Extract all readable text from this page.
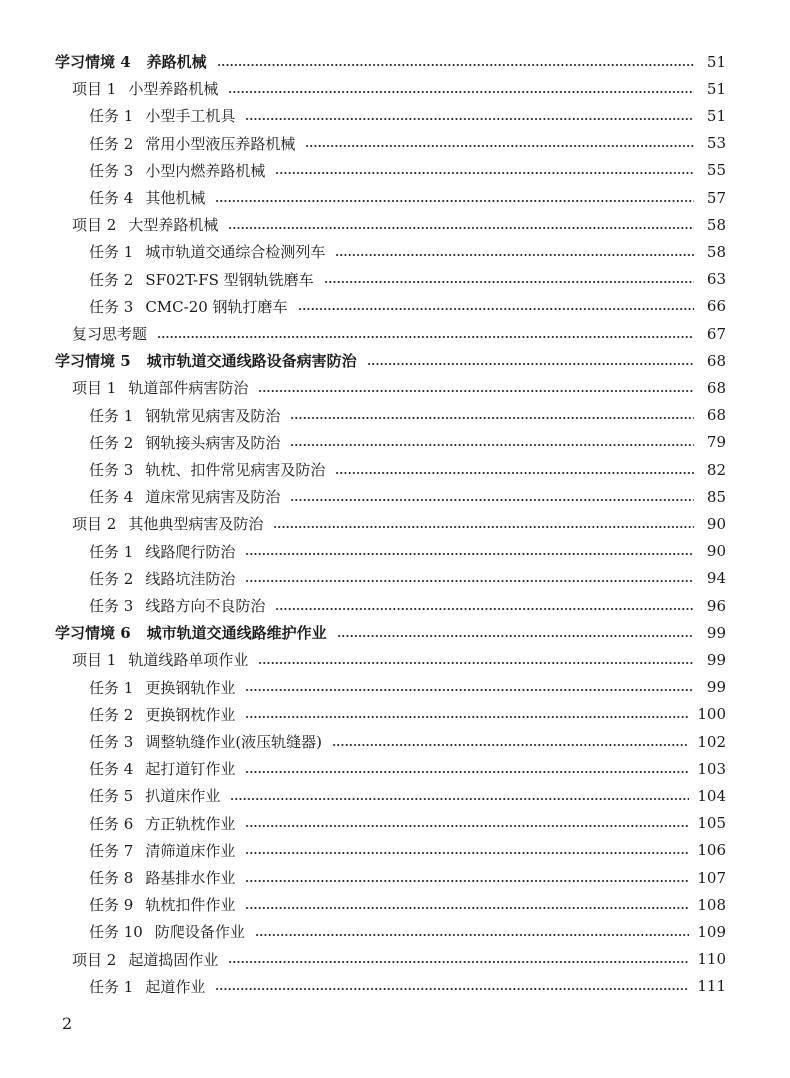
学习情境 4 养路机械	51
项目 1 小型养路机械	51
任务 1 小型手工机具	51
任务 2 常用小型液压养路机械	53
任务 3 小型内燃养路机械	55
任务 4 其他机械	57
项目 2 大型养路机械	58
任务 1 城市轨道交通综合检测列车	58
任务 2 SF02T-FS 型钢轨铣磨车	63
任务 3 CMC-20 钢轨打磨车	66
复习思考题	67
学习情境 5 城市轨道交通线路设备病害防治	68
项目 1 轨道部件病害防治	68
任务 1 钢轨常见病害及防治	68
任务 2 钢轨接头病害及防治	79
任务 3 轨枕、扣件常见病害及防治	82
任务 4 道床常见病害及防治	85
项目 2 其他典型病害及防治	90
任务 1 线路爬行防治	90
任务 2 线路坑洼防治	94
任务 3 线路方向不良防治	96
学习情境 6 城市轨道交通线路维护作业	99
项目 1 轨道线路单项作业	99
任务 1 更换钢轨作业	99
任务 2 更换钢枕作业	100
任务 3 调整轨缝作业(液压轨缝器)	102
任务 4 起打道钉作业	103
任务 5 扒道床作业	104
任务 6 方正轨枕作业	105
任务 7 清筛道床作业	106
任务 8 路基排水作业	107
任务 9 轨枕扣件作业	108
任务 10 防爬设备作业	109
项目 2 起道捣固作业	110
任务 1 起道作业	111
2
